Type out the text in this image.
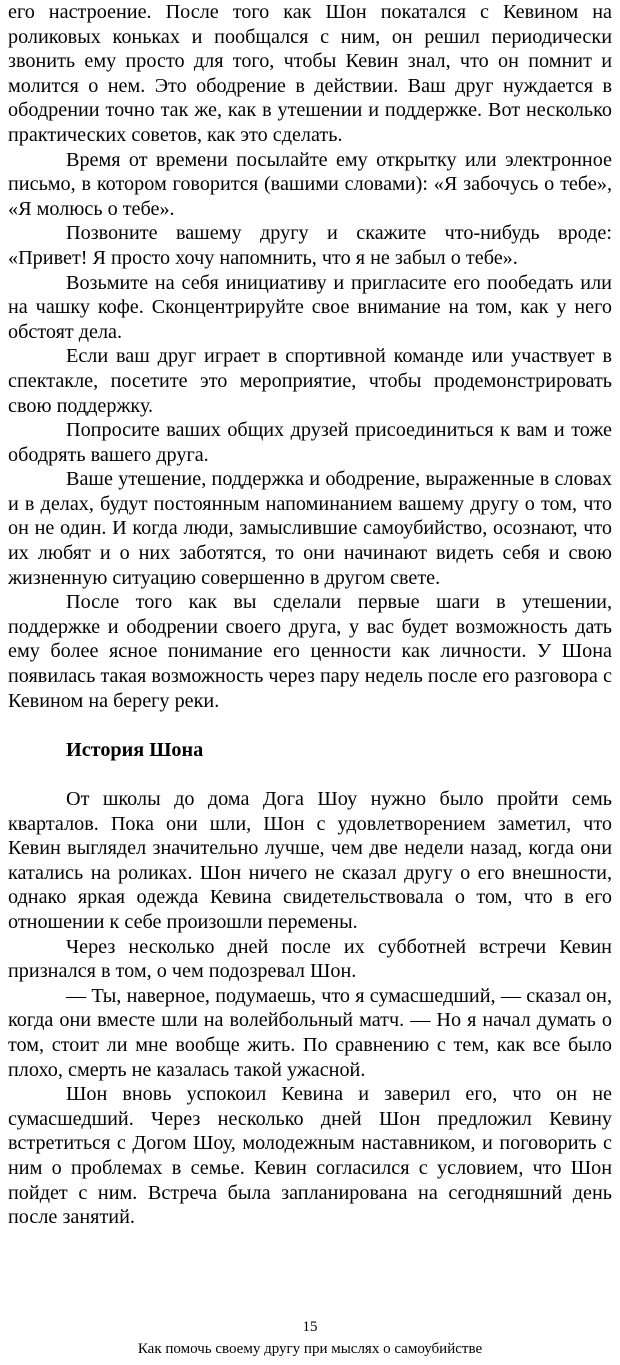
его настроение. После того как Шон покатался с Кевином на роликовых коньках и пообщался с ним, он решил периодически звонить ему просто для того, чтобы Кевин знал, что он помнит и молится о нем. Это ободрение в действии. Ваш друг нуждается в ободрении точно так же, как в утешении и поддержке. Вот несколько практических советов, как это сделать.

Время от времени посылайте ему открытку или электронное письмо, в котором говорится (вашими словами): «Я забочусь о тебе», «Я молюсь о тебе».

Позвоните вашему другу и скажите что-нибудь вроде: «Привет! Я просто хочу напомнить, что я не забыл о тебе».

Возьмите на себя инициативу и пригласите его пообедать или на чашку кофе. Сконцентрируйте свое внимание на том, как у него обстоят дела.

Если ваш друг играет в спортивной команде или участвует в спектакле, посетите это мероприятие, чтобы продемонстрировать свою поддержку.

Попросите ваших общих друзей присоединиться к вам и тоже ободрять вашего друга.

Ваше утешение, поддержка и ободрение, выраженные в словах и в делах, будут постоянным напоминанием вашему другу о том, что он не один. И когда люди, замыслившие самоубийство, осознают, что их любят и о них заботятся, то они начинают видеть себя и свою жизненную ситуацию совершенно в другом свете.

После того как вы сделали первые шаги в утешении, поддержке и ободрении своего друга, у вас будет возможность дать ему более ясное понимание его ценности как личности. У Шона появилась такая возможность через пару недель после его разговора с Кевином на берегу реки.

История Шона

От школы до дома Дога Шоу нужно было пройти семь кварталов. Пока они шли, Шон с удовлетворением заметил, что Кевин выглядел значительно лучше, чем две недели назад, когда они катались на роликах. Шон ничего не сказал другу о его внешности, однако яркая одежда Кевина свидетельствовала о том, что в его отношении к себе произошли перемены.

Через несколько дней после их субботней встречи Кевин признался в том, о чем подозревал Шон.

— Ты, наверное, подумаешь, что я сумасшедший, — сказал он, когда они вместе шли на волейбольный матч. — Но я начал думать о том, стоит ли мне вообще жить. По сравнению с тем, как все было плохо, смерть не казалась такой ужасной.

Шон вновь успокоил Кевина и заверил его, что он не сумасшедший. Через несколько дней Шон предложил Кевину встретиться с Догом Шоу, молодежным наставником, и поговорить с ним о проблемах в семье. Кевин согласился с условием, что Шон пойдет с ним. Встреча была запланирована на сегодняшний день после занятий.

15
Как помочь своему другу при мыслях о самоубийстве
